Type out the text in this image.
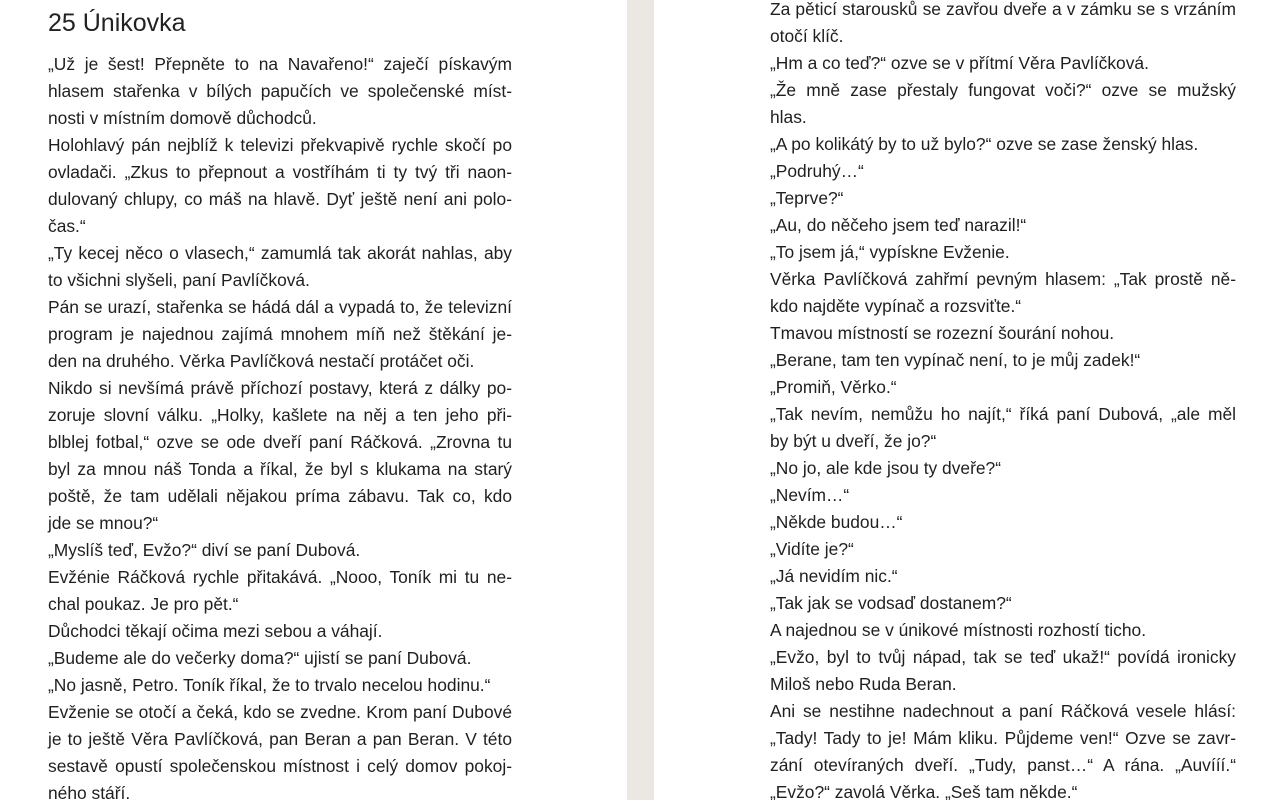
25 Únikovka
„Už je šest! Přepněte to na Navařeno!“ zaječí pískavým
hlasem stařenka v bílých papučích ve společenské míst-
nosti v místním domově důchodců.
Holohlavý pán nejblíž k televizi překvapivě rychle skočí po
ovladači. „Zkus to přepnout a vostříhám ti ty tvý tři naon-
dulovaný chlupy, co máš na hlavě. Dyť ještě není ani polo-
čas.“
„Ty kecej něco o vlasech,“ zamumlá tak akorát nahlas, aby
to všichni slyšeli, paní Pavlíčková.
Pán se urazí, stařenka se hádá dál a vypadá to, že televizní
program je najednou zajímá mnohem míň než štěkání je-
den na druhého. Věrka Pavlíčková nestačí protáčet oči.
Nikdo si nevšímá právě příchozí postavy, která z dálky po-
zoruje slovní válku. „Holky, kašlete na něj a ten jeho při-
blblej fotbal,“ ozve se ode dveří paní Ráčková. „Zrovna tu
byl za mnou náš Tonda a říkal, že byl s klukama na starý
poště, že tam udělali nějakou príma zábavu. Tak co, kdo
jde se mnou?“
„Myslíš teď, Evžo?“ diví se paní Dubová.
Evžénie Ráčková rychle přitakává. „Nooo, Toník mi tu ne-
chal poukaz. Je pro pět.“
Důchodci těkají očima mezi sebou a váhají.
„Budeme ale do večerky doma?“ ujistí se paní Dubová.
„No jasně, Petro. Toník říkal, že to trvalo necelou hodinu.“
Evženie se otočí a čeká, kdo se zvedne. Krom paní Dubové
je to ještě Věra Pavlíčková, pan Beran a pan Beran. V této
sestavě opustí společenskou místnost i celý domov pokoj-
ného stáří.
Za pěticí starousků se zavřou dveře a v zámku se s vrzáním
otočí klíč.
„Hm a co teď?“ ozve se v přítmí Věra Pavlíčková.
„Že mně zase přestaly fungovat voči?“ ozve se mužský
hlas.
„A po kolikátý by to už bylo?“ ozve se zase ženský hlas.
„Podruhý…“
„Teprve?“
„Au, do něčeho jsem teď narazil!“
„To jsem já,“ vypískne Evženie.
Věrka Pavlíčková zahřmí pevným hlasem: „Tak prostě ně-
kdo najděte vypínač a rozsviťte.“
Tmavou místností se rozezní šourání nohou.
„Berane, tam ten vypínač není, to je můj zadek!“
„Promiň, Věrko.“
„Tak nevím, nemůžu ho najít,“ říká paní Dubová, „ale měl
by být u dveří, že jo?“
„No jo, ale kde jsou ty dveře?“
„Nevím…“
„Někde budou…“
„Vidíte je?“
„Já nevidím nic.“
„Tak jak se vodsaď dostanem?“
A najednou se v únikové místnosti rozhostí ticho.
„Evžo, byl to tvůj nápad, tak se teď ukaž!“ povídá ironicky
Miloš nebo Ruda Beran.
Ani se nestihne nadechnout a paní Ráčková vesele hlásí:
„Tady! Tady to je! Mám kliku. Půjdeme ven!“ Ozve se zavr-
zání otevíraných dveří. „Tudy, panst…“ A rána. „Auvííí.“
„Evžo?“ zavolá Věrka. „Seš tam někde.“
